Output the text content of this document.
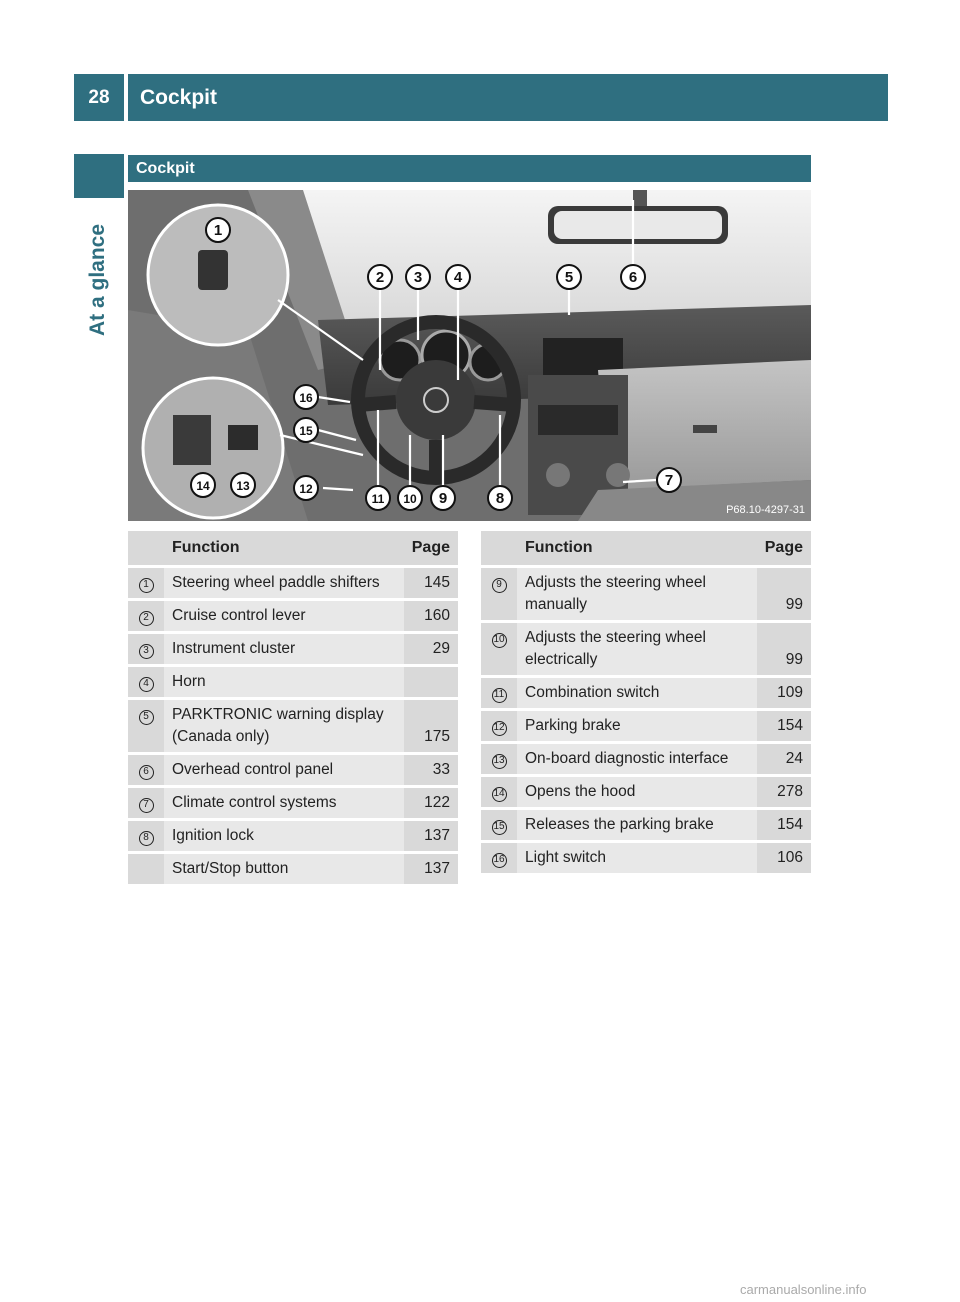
28	Cockpit
At a glance
Cockpit
1
2 3 4	5	6
7
8
9
10
11
12
13
14
15
16
P68.10-4297-31
	Function	Page
1	Steering wheel paddle shifters	145
2	Cruise control lever	160
3	Instrument cluster	29
4	Horn	
5	PARKTRONIC warning display (Canada only)	175
6	Overhead control panel	33
7	Climate control systems	122
8	Ignition lock	137
	Start/Stop button	137
	Function	Page
9	Adjusts the steering wheel manually	99
10	Adjusts the steering wheel electrically	99
11	Combination switch	109
12	Parking brake	154
13	On-board diagnostic interface	24
14	Opens the hood	278
15	Releases the parking brake	154
16	Light switch	106
carmanualsonline.info
